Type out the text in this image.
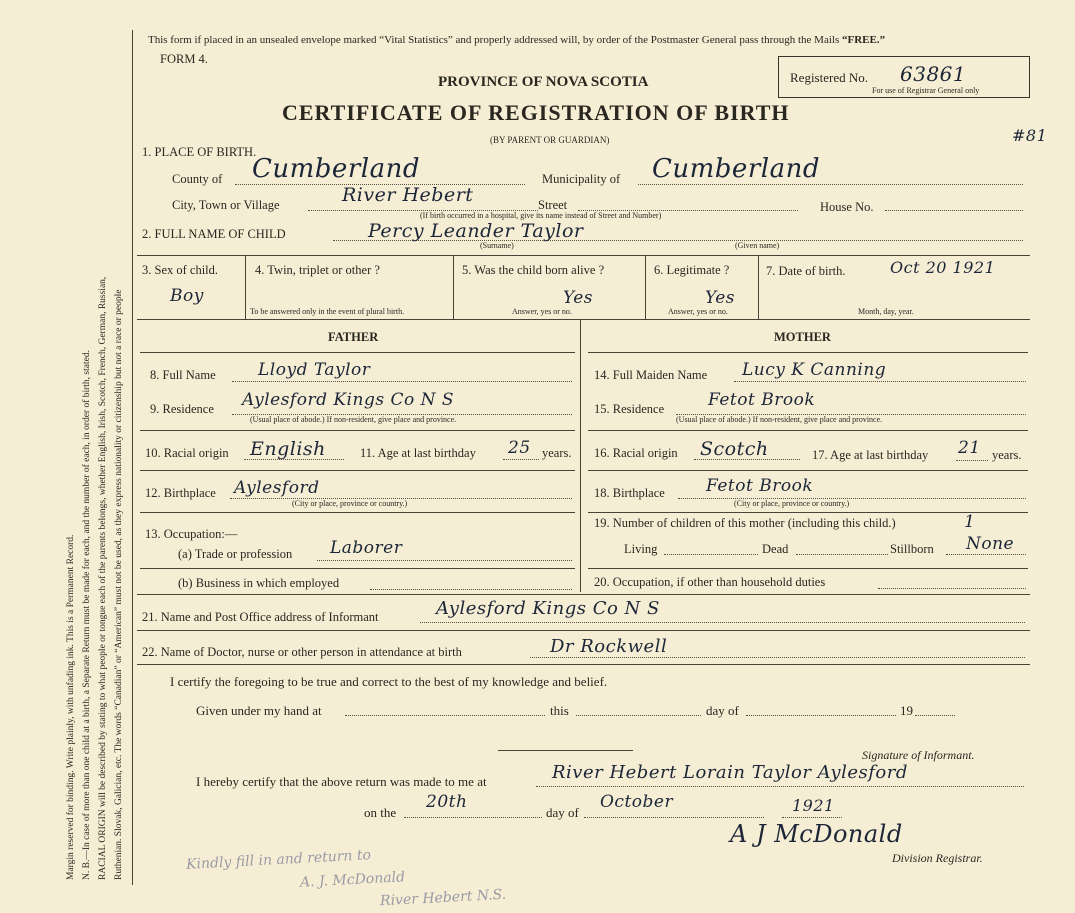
Margin reserved for binding. Write plainly, with unfading ink. This is a Permanent Record. N. B.—In case of more than one child at a birth, a Separate Return must be made for each, and the number of each, in order of birth, stated. RACIAL ORIGIN will be described by stating to what people or tongue each of the parents belongs, whether English, Irish, Scotch, French, German, Russian, Ruthenian. Slovak, Galician, etc. The words “Canadian” or “American” must not be used, as they express nationality or citizenship but not a race or people
This form if placed in an unsealed envelope marked “Vital Statistics” and properly addressed will, by order of the Postmaster General pass through the Mails “FREE.”
FORM 4.
PROVINCE OF NOVA SCOTIA
CERTIFICATE OF REGISTRATION OF BIRTH
(BY PARENT OR GUARDIAN)
Registered No. 63861
For use of Registrar General only
#81
1. PLACE OF BIRTH.
County of Cumberland	Municipality of Cumberland
City, Town or Village	River Hebert	Street	House No.
(If birth occurred in a hospital, give its name instead of Street and Number)
2. FULL NAME OF CHILD	Percy Leander Taylor
(Surname)	(Given name)
3. Sex of child.
Boy
4. Twin, triplet or other ?
To be answered only in the event of plural birth.
5. Was the child born alive ?
Yes
Answer, yes or no.
6. Legitimate ?
Yes
Answer, yes or no.
7. Date of birth.	Oct 20 1921
Month, day, year.
FATHER	MOTHER
8. Full Name Lloyd Taylor
9. Residence Aylesford Kings Co N S
(Usual place of abode.) If non-resident, give place and province.
10. Racial origin English	11. Age at last birthday 25 years.
12. Birthplace Aylesford
(City or place, province or country.)
13. Occupation:—
(a) Trade or profession Laborer
(b) Business in which employed
14. Full Maiden Name Lucy K Canning
15. Residence	Fetot Brook
(Usual place of abode.) If non-resident, give place and province.
16. Racial origin Scotch	17. Age at last birthday 21 years.
18. Birthplace Fetot Brook
(City or place, province or country.)
19. Number of children of this mother (including this child.)	1
Living	Dead	Stillborn None
20. Occupation, if other than household duties
21. Name and Post Office address of Informant	Aylesford Kings Co N S
22. Name of Doctor, nurse or other person in attendance at birth	Dr Rockwell
I certify the foregoing to be true and correct to the best of my knowledge and belief.
Given under my hand at	this	day of	19
Signature of Informant.
I hereby certify that the above return was made to me at	River Hebert Lorain Taylor Aylesford
on the
20th
day of
October	1921
A J McDonald
Division Registrar.
Kindly fill in and return to
A. J. McDonald
River Hebert N.S.
